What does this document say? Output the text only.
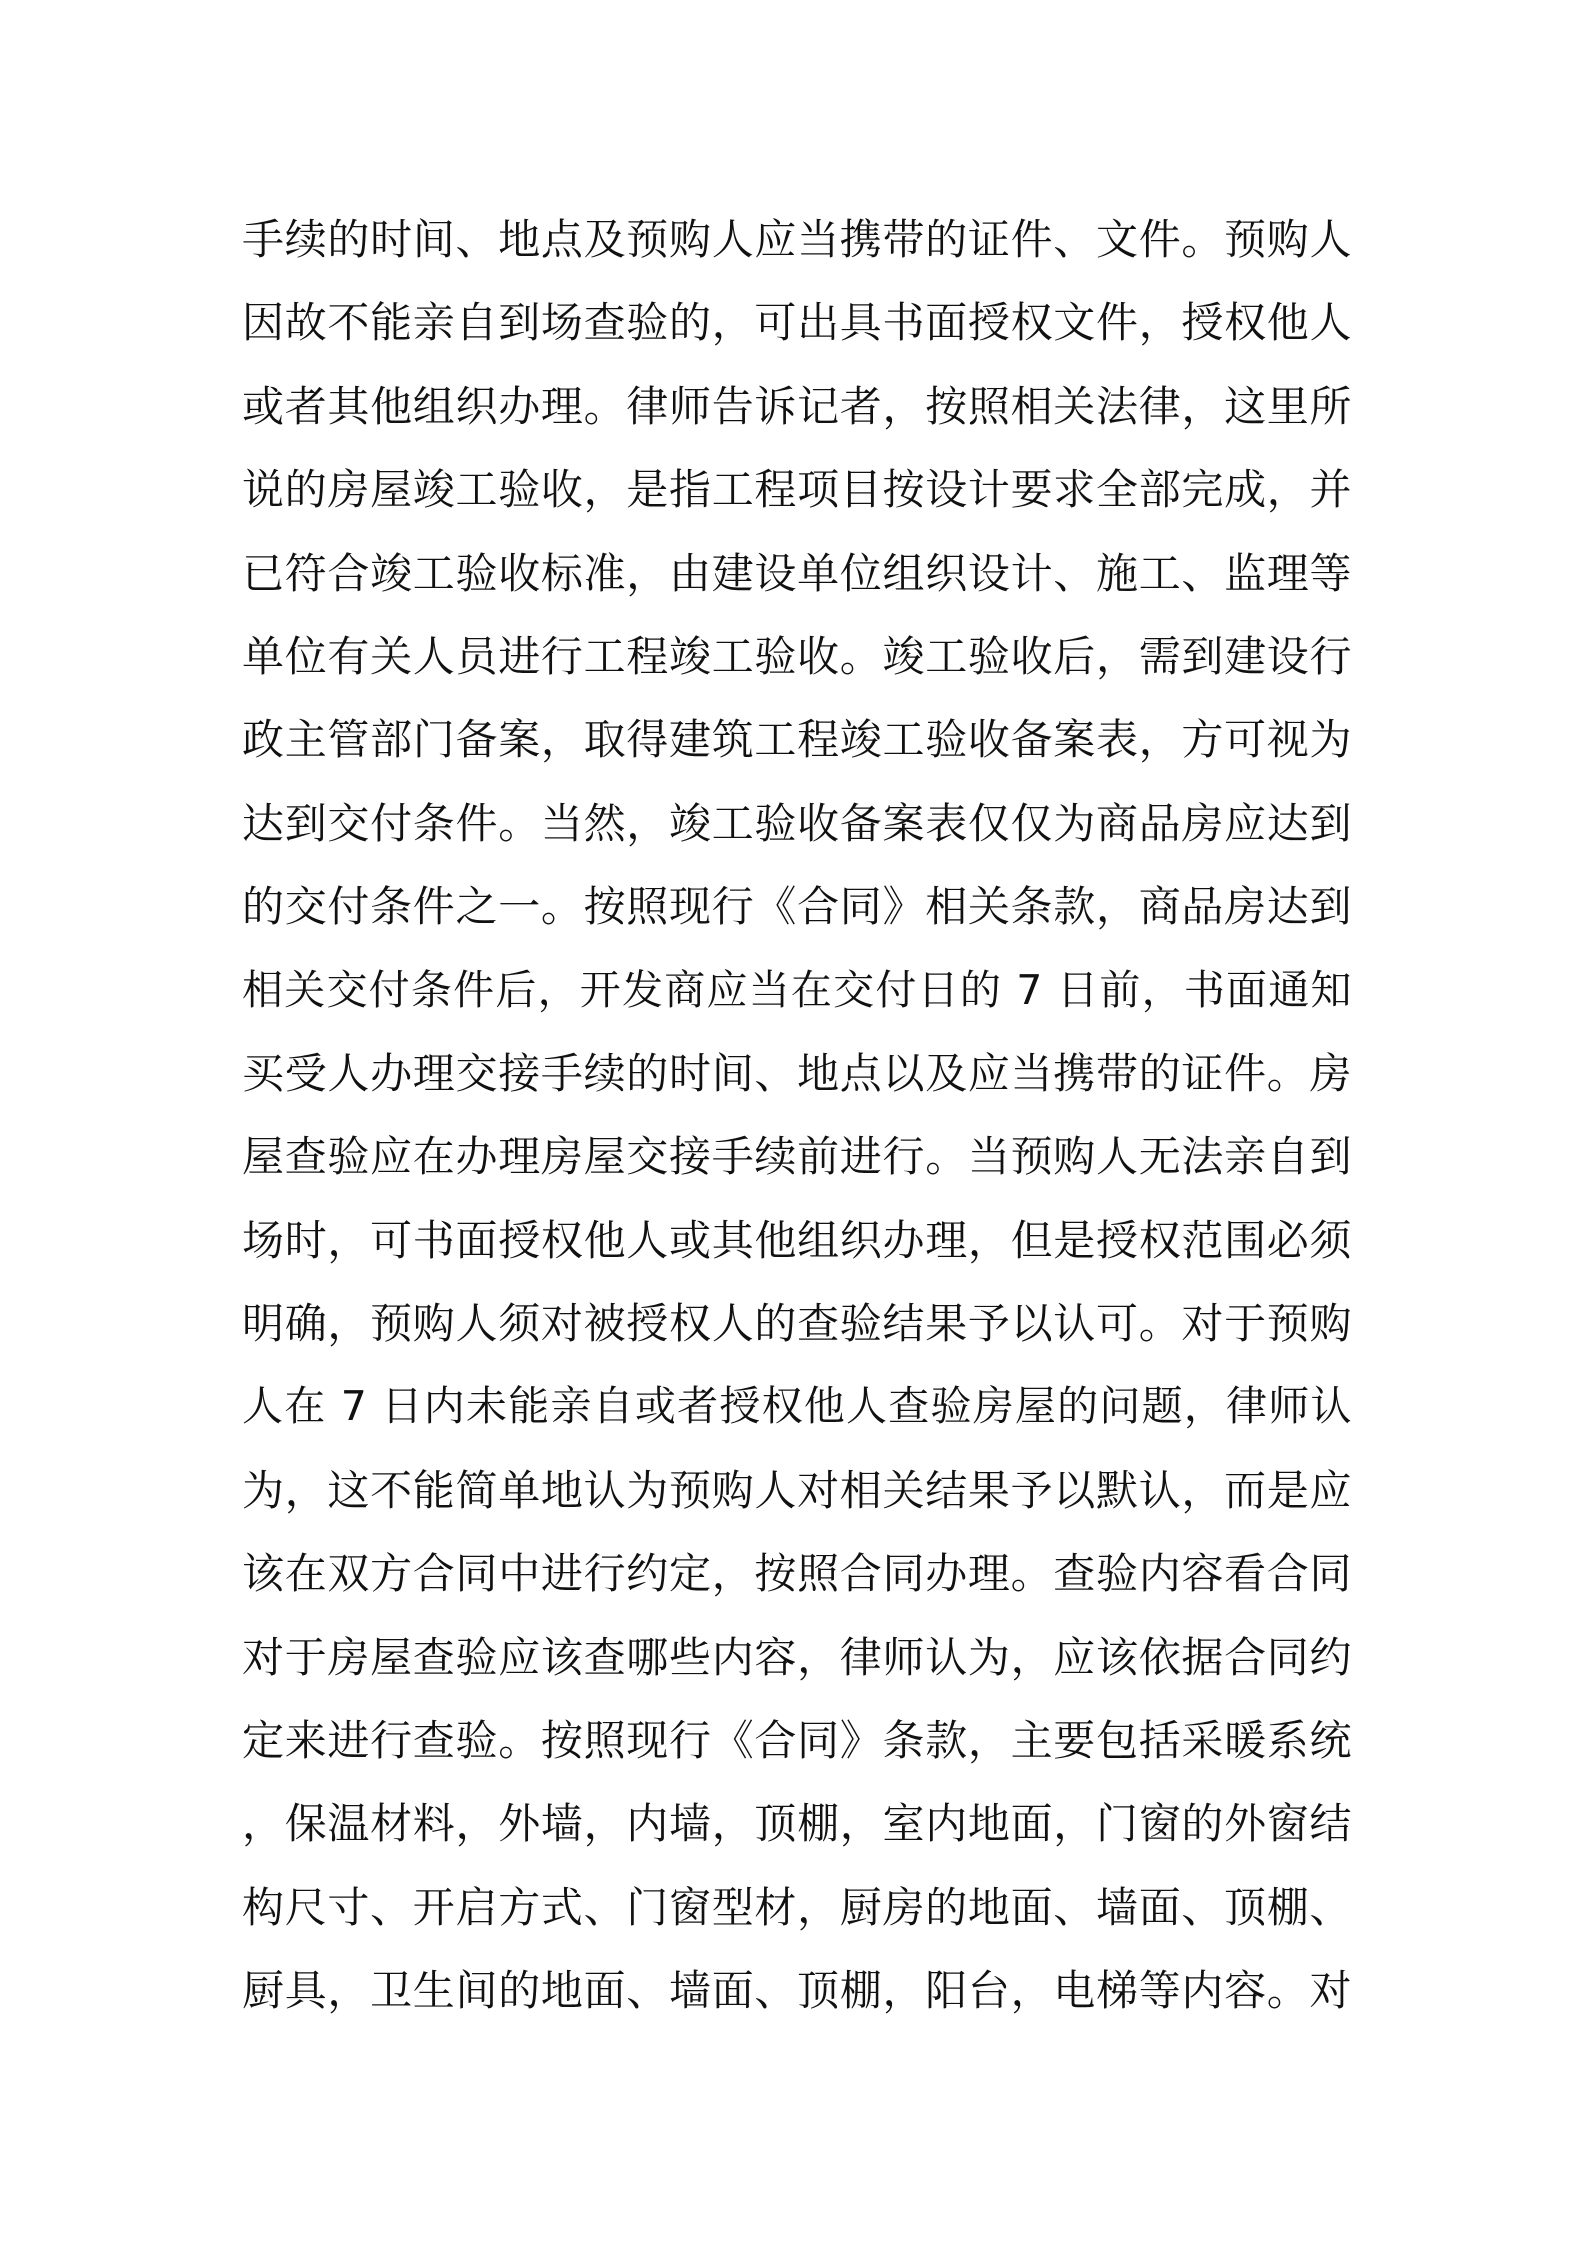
手续的时间、地点及预购人应当携带的证件、文件。预购人
因故不能亲自到场查验的，可出具书面授权文件，授权他人
或者其他组织办理。律师告诉记者，按照相关法律，这里所
说的房屋竣工验收，是指工程项目按设计要求全部完成，并
已符合竣工验收标准，由建设单位组织设计、施工、监理等
单位有关人员进行工程竣工验收。竣工验收后，需到建设行
政主管部门备案，取得建筑工程竣工验收备案表，方可视为
达到交付条件。当然，竣工验收备案表仅仅为商品房应达到
的交付条件之一。按照现行《合同》相关条款，商品房达到
相关交付条件后，开发商应当在交付日的 7 日前，书面通知
买受人办理交接手续的时间、地点以及应当携带的证件。房
屋查验应在办理房屋交接手续前进行。当预购人无法亲自到
场时，可书面授权他人或其他组织办理，但是授权范围必须
明确，预购人须对被授权人的查验结果予以认可。对于预购
人在 7 日内未能亲自或者授权他人查验房屋的问题，律师认
为，这不能简单地认为预购人对相关结果予以默认，而是应
该在双方合同中进行约定，按照合同办理。查验内容看合同
对于房屋查验应该查哪些内容，律师认为，应该依据合同约
定来进行查验。按照现行《合同》条款，主要包括采暖系统
，保温材料，外墙，内墙，顶棚，室内地面，门窗的外窗结
构尺寸、开启方式、门窗型材，厨房的地面、墙面、顶棚、
厨具，卫生间的地面、墙面、顶棚，阳台，电梯等内容。对
